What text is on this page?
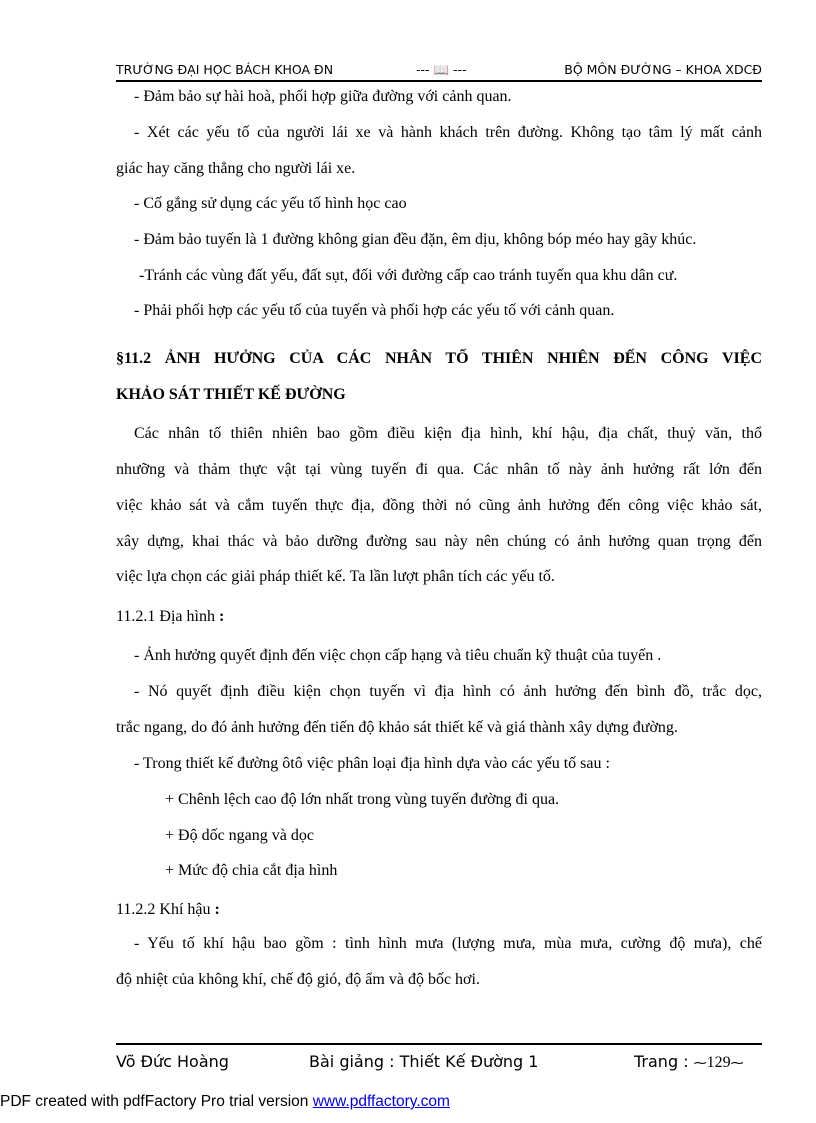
TRƯỜNG ĐẠI HỌC BÁCH KHOA ĐN	--- 📖 ---	BỘ MÔN ĐƯỜNG – KHOA XDCĐ
- Đảm bảo sự hài hoà, phối hợp giữa đường với cảnh quan.
- Xét các yếu tố của người lái xe và hành khách trên đường. Không tạo tâm lý mất cảnh
giác hay căng thẳng cho người lái xe.
- Cố gắng sử dụng các yếu tố hình học cao
- Đảm bảo tuyến là 1 đường không gian đều đặn, êm dịu, không bóp méo hay gãy khúc.
-Tránh các vùng đất yếu, đất sụt, đối với đường cấp cao tránh tuyến qua khu dân cư.
- Phải phối hợp các yếu tố của tuyến và phối hợp các yếu tố với cảnh quan.
§11.2 ẢNH HƯỞNG CỦA CÁC NHÂN TỐ THIÊN NHIÊN ĐẾN CÔNG VIỆC
KHẢO SÁT THIẾT KẾ ĐƯỜNG
Các nhân tố thiên nhiên bao gồm điều kiện địa hình, khí hậu, địa chất, thuỷ văn, thổ
nhưỡng và thảm thực vật tại vùng tuyến đi qua. Các nhân tố này ảnh hưởng rất lớn đến
việc khảo sát và cắm tuyến thực địa, đồng thời nó cũng ảnh hưởng đến công việc khảo sát,
xây dựng, khai thác và bảo dưỡng đường sau này nên chúng có ảnh hưởng quan trọng đến
việc lựa chọn các giải pháp thiết kế. Ta lần lượt phân tích các yếu tố.
11.2.1 Địa hình :
- Ảnh hưởng quyết định đến việc chọn cấp hạng và tiêu chuẩn kỹ thuật của tuyến .
- Nó quyết định điều kiện chọn tuyến vì địa hình có ảnh hưởng đến bình đồ, trắc dọc,
trắc ngang, do đó ảnh hưởng đến tiến độ khảo sát thiết kế và giá thành xây dựng đường.
- Trong thiết kế đường ôtô việc phân loại địa hình dựa vào các yếu tố sau :
+ Chênh lệch cao độ lớn nhất trong vùng tuyến đường đi qua.
+ Độ dốc ngang và dọc
+ Mức độ chia cắt địa hình
11.2.2 Khí hậu :
- Yếu tố khí hậu bao gồm : tình hình mưa (lượng mưa, mùa mưa, cường độ mưa), chế
độ nhiệt của không khí, chế độ gió, độ ẩm và độ bốc hơi.
Võ Đức Hoàng	Bài giảng : Thiết Kế Đường 1	Trang : ⁓129⁓
PDF created with pdfFactory Pro trial version www.pdffactory.com
